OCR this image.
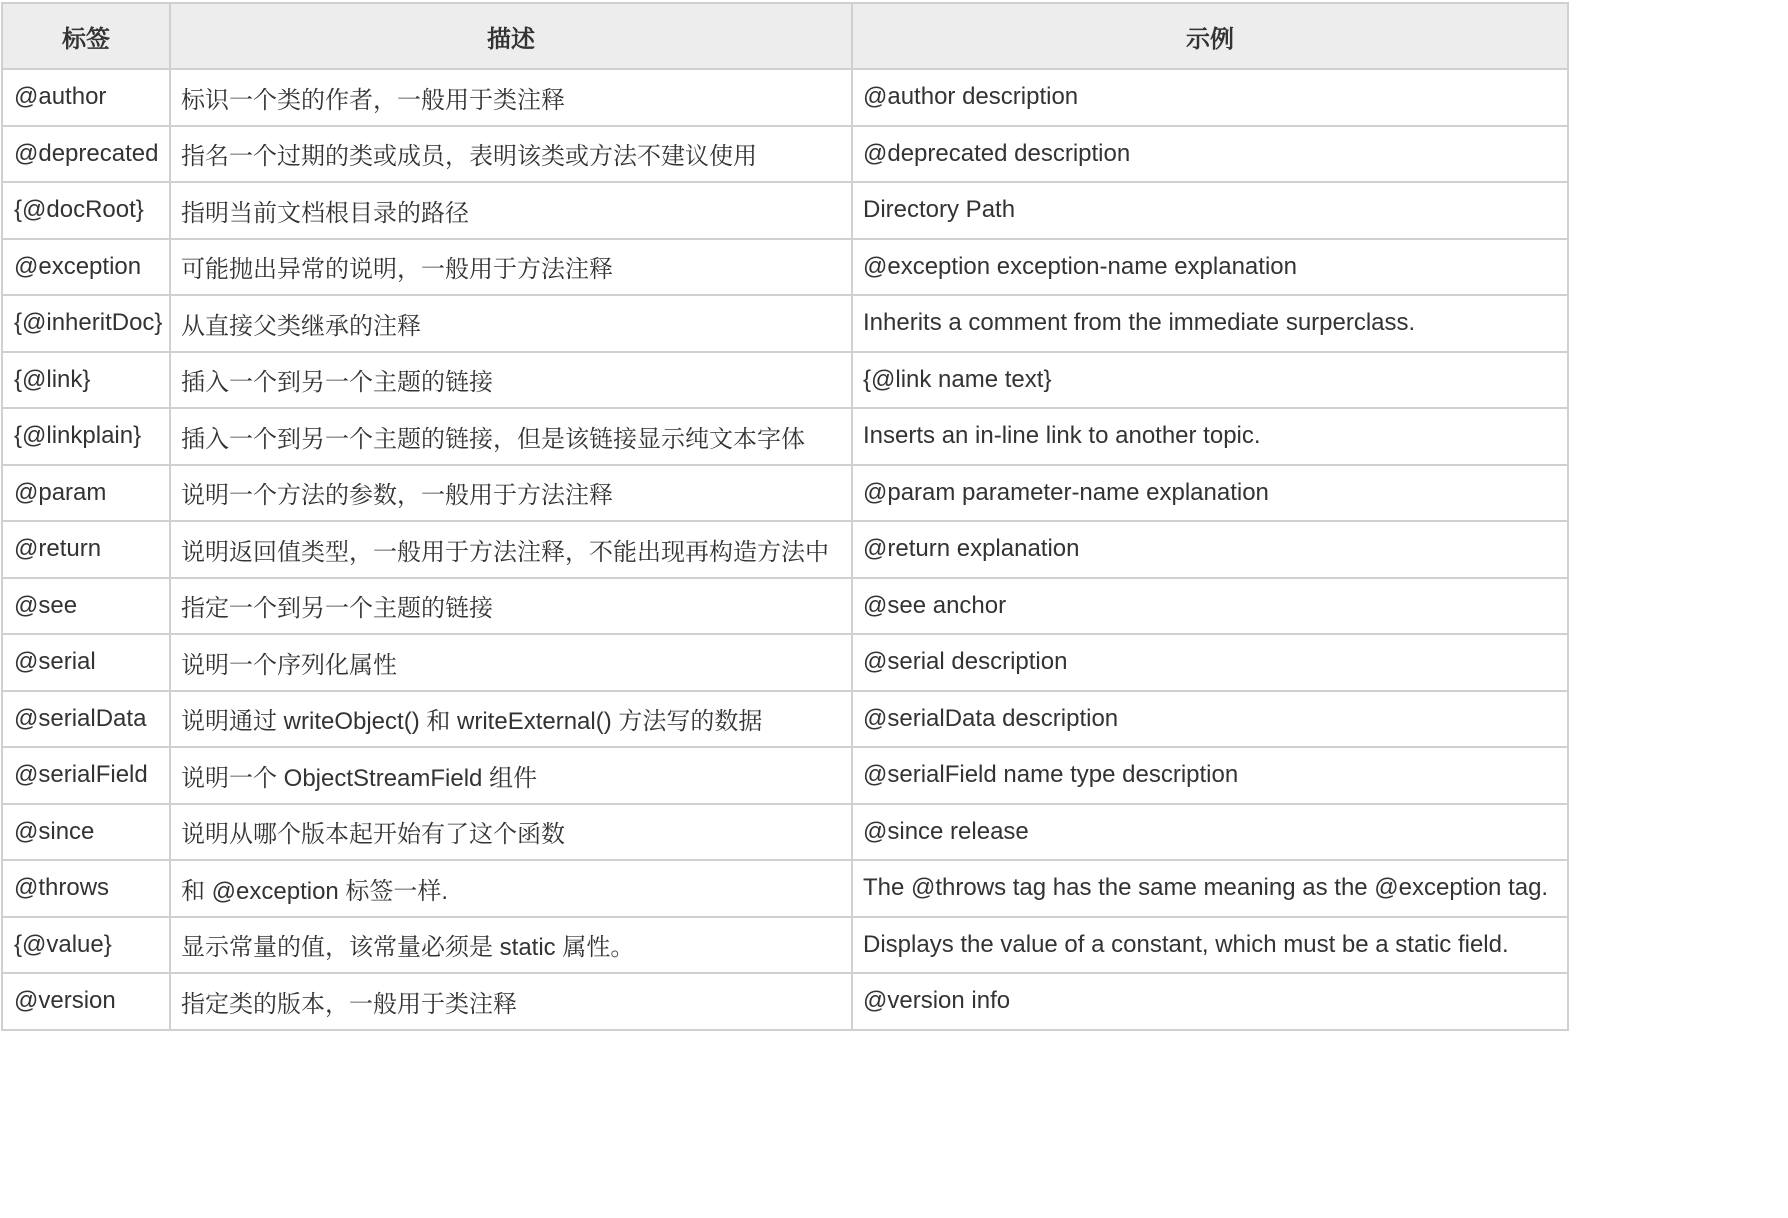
标签	描述	示例
@author	标识一个类的作者，一般用于类注释	@author description
@deprecated	指名一个过期的类或成员，表明该类或方法不建议使用	@deprecated description
{@docRoot}	指明当前文档根目录的路径	Directory Path
@exception	可能抛出异常的说明，一般用于方法注释	@exception exception-name explanation
{@inheritDoc}	从直接父类继承的注释	Inherits a comment from the immediate surperclass.
{@link}	插入一个到另一个主题的链接	{@link name text}
{@linkplain}	插入一个到另一个主题的链接，但是该链接显示纯文本字体	Inserts an in-line link to another topic.
@param	说明一个方法的参数，一般用于方法注释	@param parameter-name explanation
@return	说明返回值类型，一般用于方法注释，不能出现再构造方法中	@return explanation
@see	指定一个到另一个主题的链接	@see anchor
@serial	说明一个序列化属性	@serial description
@serialData	说明通过 writeObject() 和 writeExternal() 方法写的数据	@serialData description
@serialField	说明一个 ObjectStreamField 组件	@serialField name type description
@since	说明从哪个版本起开始有了这个函数	@since release
@throws	和 @exception 标签一样.	The @throws tag has the same meaning as the @exception tag.
{@value}	显示常量的值，该常量必须是 static 属性。	Displays the value of a constant, which must be a static field.
@version	指定类的版本，一般用于类注释	@version info
